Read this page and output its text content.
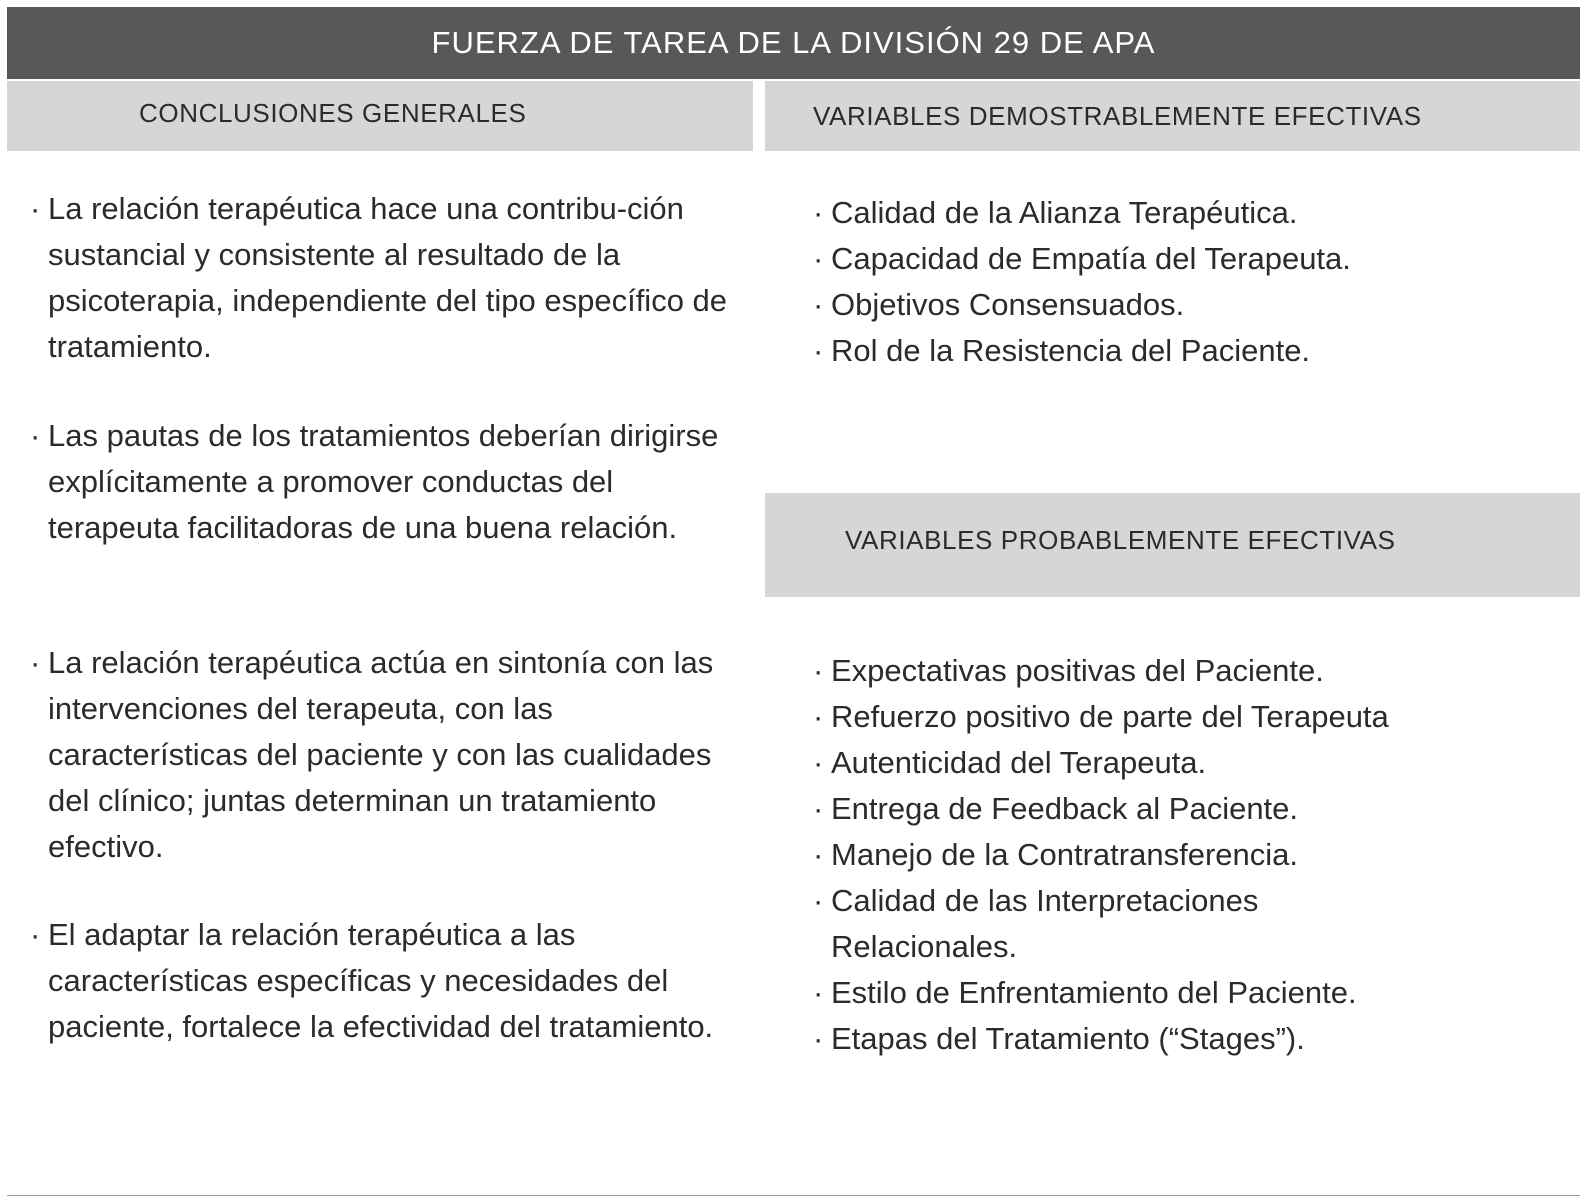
FUERZA DE TAREA DE LA DIVISIÓN 29 DE APA
CONCLUSIONES GENERALES	VARIABLES DEMOSTRABLEMENTE EFECTIVAS
VARIABLES PROBABLEMENTE EFECTIVAS

· La relación terapéutica hace una contribu-ción sustancial y consistente al resultado de la psicoterapia, independiente del tipo específico de tratamiento.

· Las pautas de los tratamientos deberían dirigirse explícitamente a promover conductas del terapeuta facilitadoras de una buena relación.

· La relación terapéutica actúa en sintonía con las intervenciones del terapeuta, con las características del paciente y con las cualidades del clínico; juntas determinan un tratamiento efectivo.

· El adaptar la relación terapéutica a las características específicas y necesidades del paciente, fortalece la efectividad del tratamiento.

· Calidad de la Alianza Terapéutica.
· Capacidad de Empatía del Terapeuta.
· Objetivos Consensuados.
· Rol de la Resistencia del Paciente.
· Expectativas positivas del Paciente.
· Refuerzo positivo de parte del Terapeuta
· Autenticidad del Terapeuta.
· Entrega de Feedback al Paciente.
· Manejo de la Contratransferencia.
· Calidad de las Interpretaciones Relacionales.
· Estilo de Enfrentamiento del Paciente.
· Etapas del Tratamiento (“Stages”).
